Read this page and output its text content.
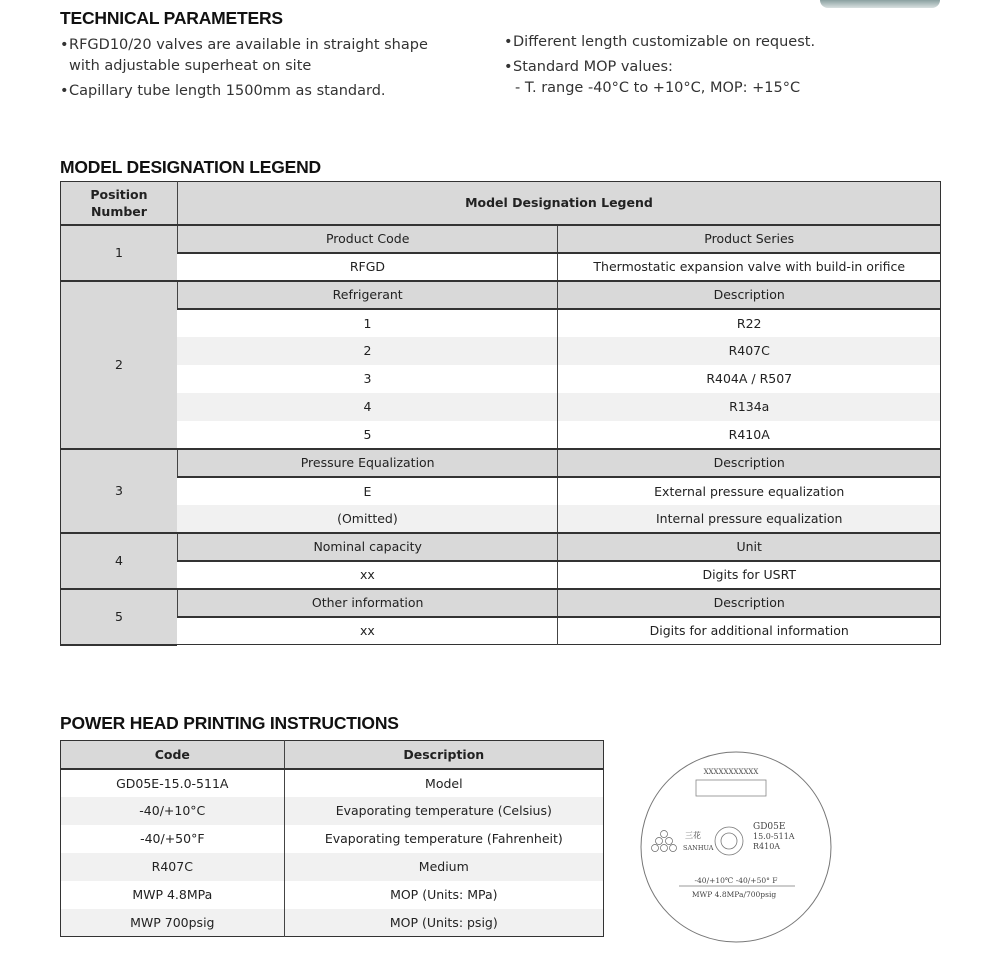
TECHNICAL PARAMETERS
• RFGD10/20 valves are available in straight shape with adjustable superheat on site
• Capillary tube length 1500mm as standard.
• Different length customizable on request.
• Standard MOP values:
- T. range -40°C to +10°C, MOP: +15°C
MODEL DESIGNATION LEGEND
Position Number	Model Designation Legend	
1	Product Code	Product Series
	RFGD	Thermostatic expansion valve with build-in orifice
2	Refrigerant	Description
	1	R22
	2	R407C
	3	R404A / R507
	4	R134a
	5	R410A
3	Pressure Equalization	Description
	E	External pressure equalization
	(Omitted)	Internal pressure equalization
4	Nominal capacity	Unit
	xx	Digits for USRT
5	Other information	Description
	xx	Digits for additional information
POWER HEAD PRINTING INSTRUCTIONS
Code	Description
GD05E-15.0-511A	Model
-40/+10°C	Evaporating temperature (Celsius)
-40/+50°F	Evaporating temperature (Fahrenheit)
R407C	Medium
MWP 4.8MPa	MOP (Units: MPa)
MWP 700psig	MOP (Units: psig)
XXXXXXXXXXX
三花
SANHUA
GD05E
15.0-511A
R410A
-40/+10℃ -40/+50° F
MWP 4.8MPa/700psig
